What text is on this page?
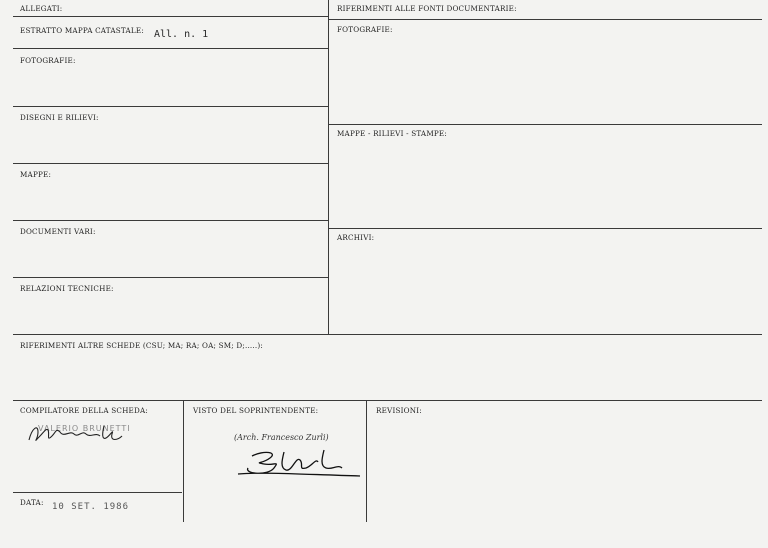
ALLEGATI:
ESTRATTO MAPPA CATASTALE: All. n. 1
FOTOGRAFIE:
DISEGNI E RILIEVI:
MAPPE:
DOCUMENTI VARI:
RELAZIONI TECNICHE:
RIFERIMENTI ALLE FONTI DOCUMENTARIE:
FOTOGRAFIE:
MAPPE - RILIEVI - STAMPE:
ARCHIVI:
RIFERIMENTI ALTRE SCHEDE (CSU; MA; RA; OA; SM; D;.....):
COMPILATORE DELLA SCHEDA:
VALERIO BRUNETTI
DATA: 10 SET. 1986
VISTO DEL SOPRINTENDENTE:
(Arch. Francesco Zurli)
REVISIONI:
